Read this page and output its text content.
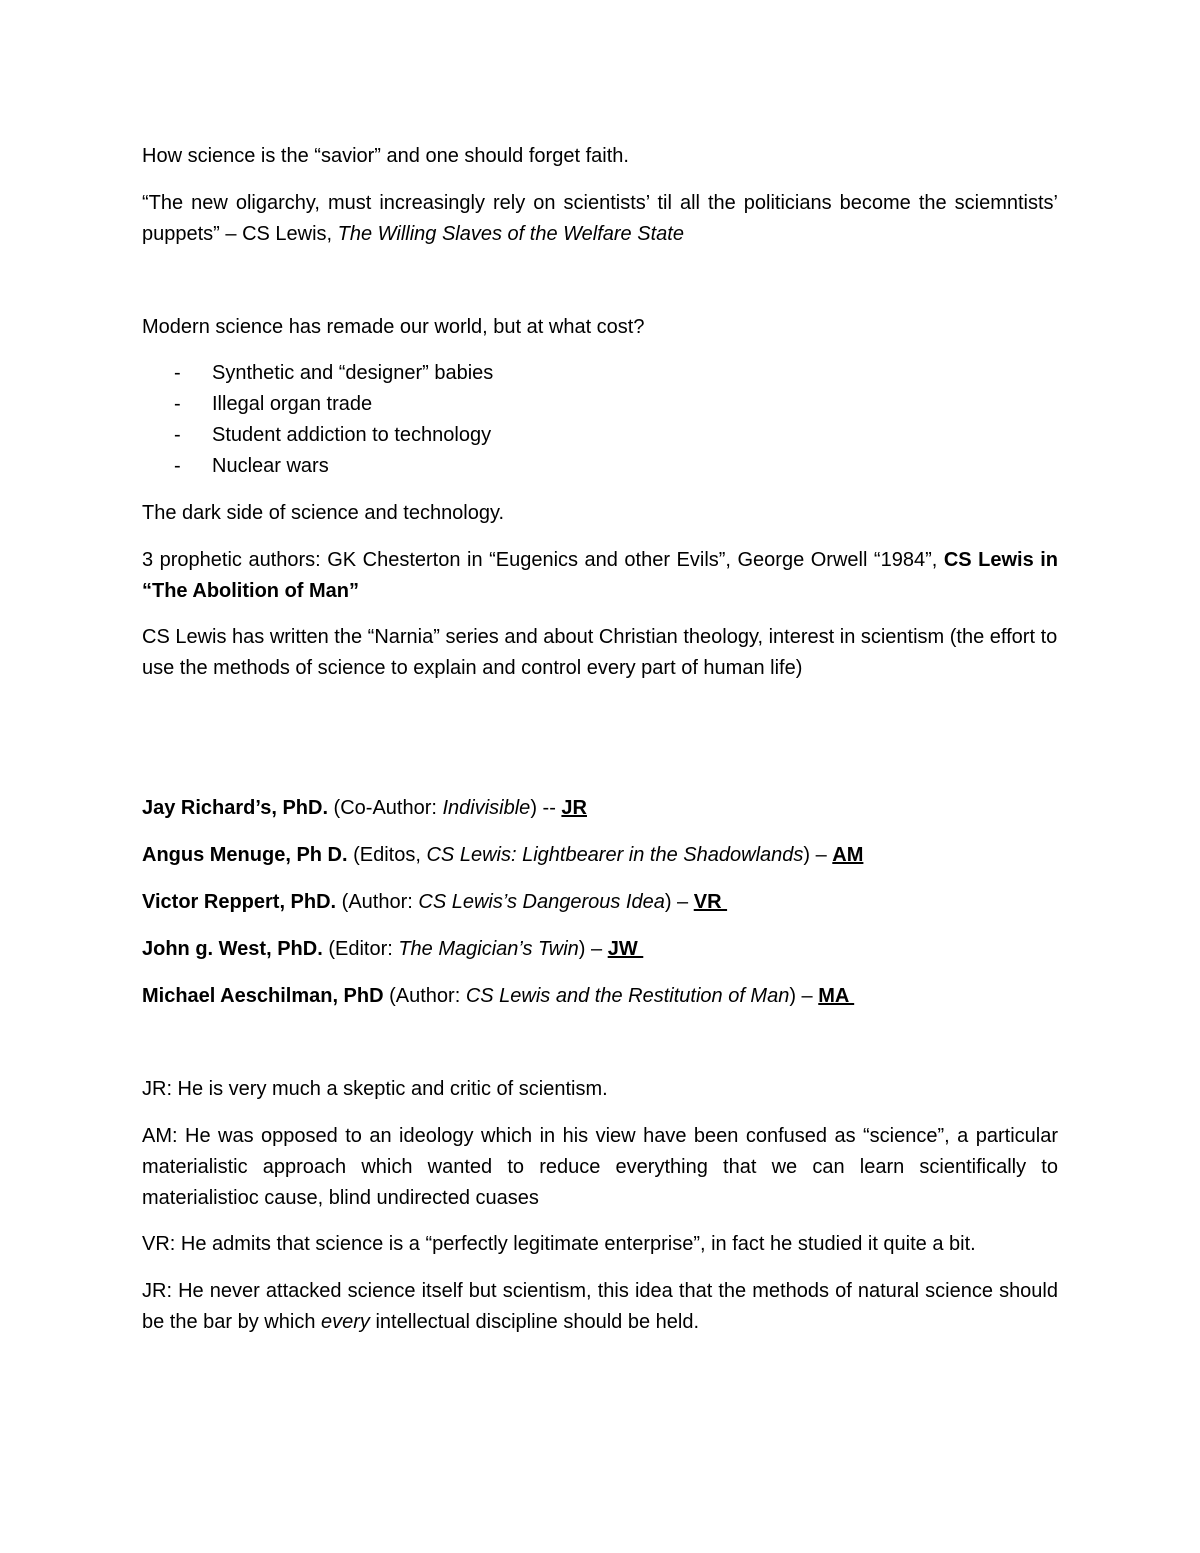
How science is the “savior” and one should forget faith.

“The new oligarchy, must increasingly rely on scientists’ til all the politicians become the sciemntists’ puppets” – CS Lewis, The Willing Slaves of the Welfare State

Modern science has remade our world, but at what cost?

- Synthetic and “designer” babies
- Illegal organ trade
- Student addiction to technology
- Nuclear wars

The dark side of science and technology.

3 prophetic authors: GK Chesterton in “Eugenics and other Evils”, George Orwell “1984”, CS Lewis in “The Abolition of Man”

CS Lewis has written the “Narnia” series and about Christian theology, interest in scientism (the effort to use the methods of science to explain and control every part of human life)

Jay Richard’s, PhD. (Co-Author: Indivisible) -- JR

Angus Menuge, Ph D. (Editos, CS Lewis: Lightbearer in the Shadowlands) – AM

Victor Reppert, PhD. (Author: CS Lewis’s Dangerous Idea) – VR

John g. West, PhD. (Editor: The Magician’s Twin) – JW

Michael Aeschilman, PhD (Author: CS Lewis and the Restitution of Man) – MA

JR: He is very much a skeptic and critic of scientism.

AM: He was opposed to an ideology which in his view have been confused as “science”, a particular materialistic approach which wanted to reduce everything that we can learn scientifically to materialistioc cause, blind undirected cuases

VR: He admits that science is a “perfectly legitimate enterprise”, in fact he studied it quite a bit.

JR: He never attacked science itself but scientism, this idea that the methods of natural science should be the bar by which every intellectual discipline should be held.
